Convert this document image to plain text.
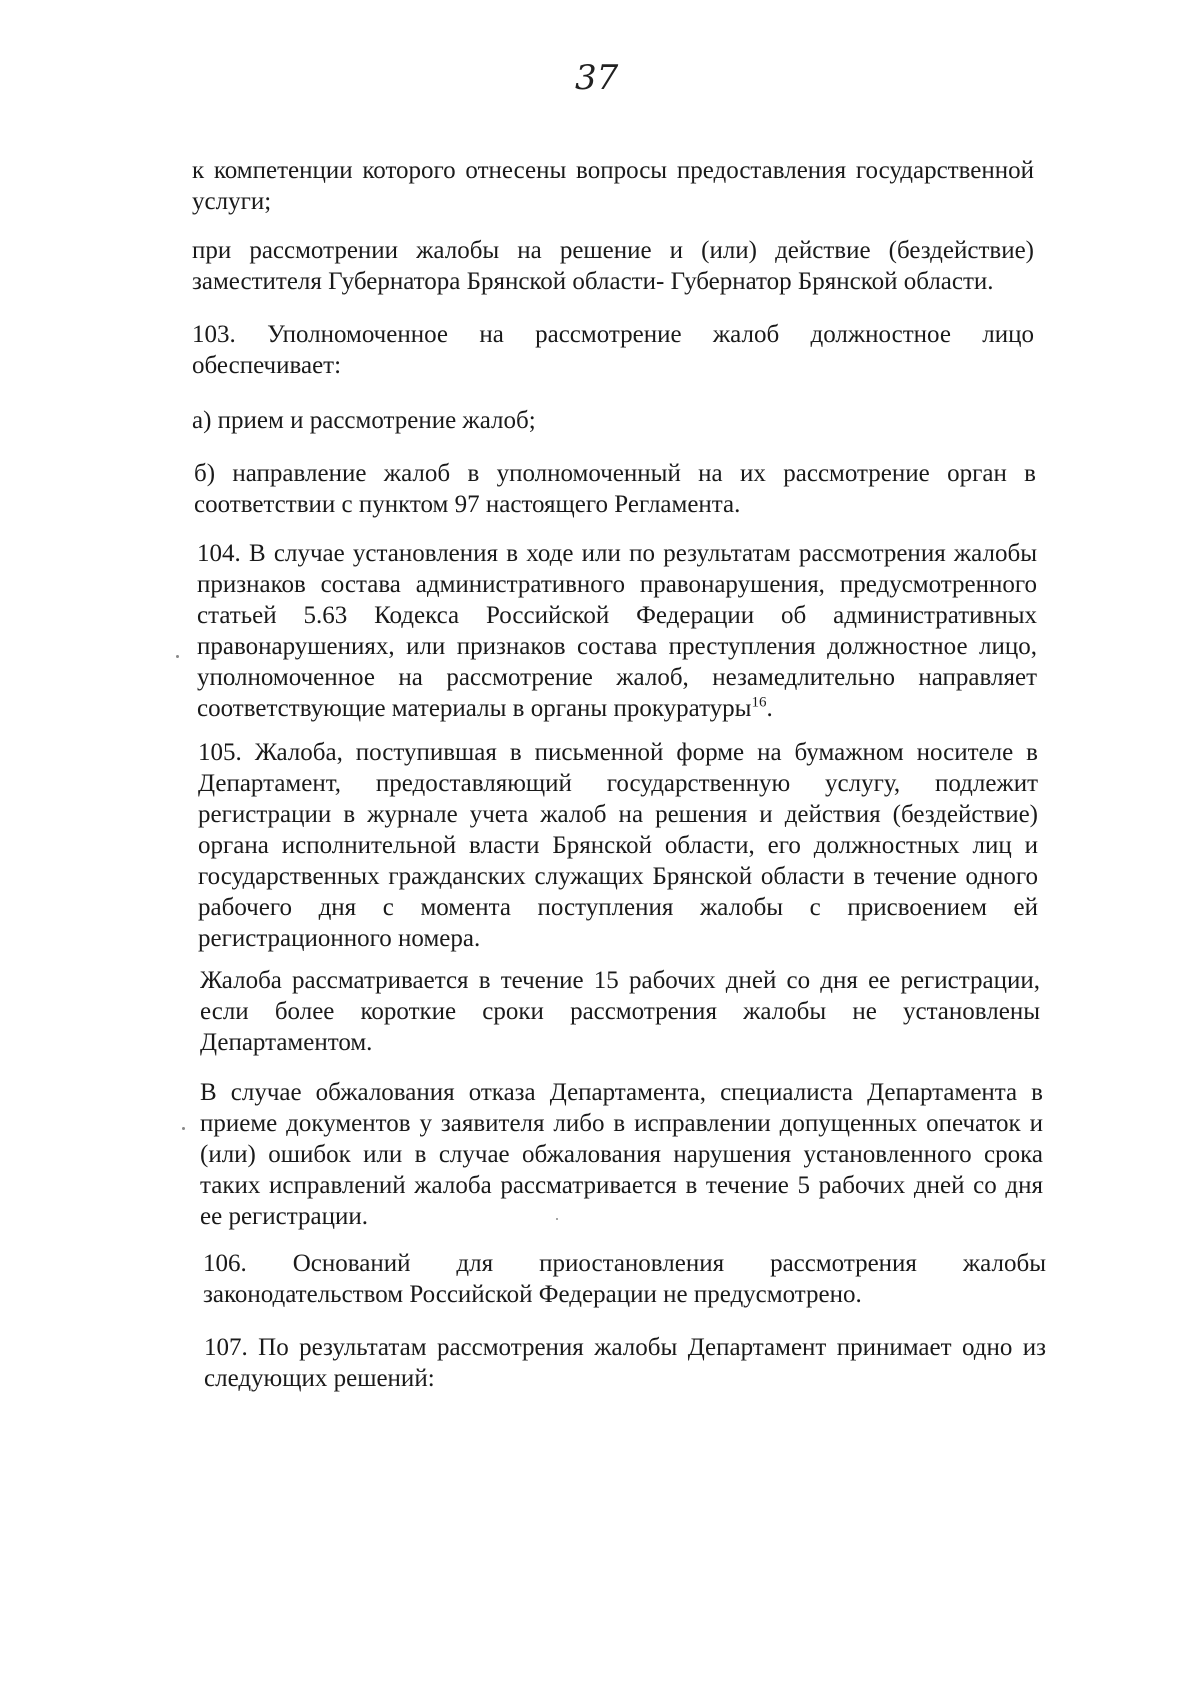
37

к компетенции которого отнесены вопросы предоставления государственной услуги;

при рассмотрении жалобы на решение и (или) действие (бездействие) заместителя Губернатора Брянской области- Губернатор Брянской области.

103. Уполномоченное на рассмотрение жалоб должностное лицо обеспечивает:

а) прием и рассмотрение жалоб;

б) направление жалоб в уполномоченный на их рассмотрение орган в соответствии с пунктом 97 настоящего Регламента.

104. В случае установления в ходе или по результатам рассмотрения жалобы признаков состава административного правонарушения, предусмотренного статьей 5.63 Кодекса Российской Федерации об административных правонарушениях, или признаков состава преступления должностное лицо, уполномоченное на рассмотрение жалоб, незамедлительно направляет соответствующие материалы в органы прокуратуры$^{16}$.

105. Жалоба, поступившая в письменной форме на бумажном носителе в Департамент, предоставляющий государственную услугу, подлежит регистрации в журнале учета жалоб на решения и действия (бездействие) органа исполнительной власти Брянской области, его должностных лиц и государственных гражданских служащих Брянской области в течение одного рабочего дня с момента поступления жалобы с присвоением ей регистрационного номера.

Жалоба рассматривается в течение 15 рабочих дней со дня ее регистрации, если более короткие сроки рассмотрения жалобы не установлены Департаментом.

В случае обжалования отказа Департамента, специалиста Департамента в приеме документов у заявителя либо в исправлении допущенных опечаток и (или) ошибок или в случае обжалования нарушения установленного срока таких исправлений жалоба рассматривается в течение 5 рабочих дней со дня ее регистрации.

106. Оснований для приостановления рассмотрения жалобы законодательством Российской Федерации не предусмотрено.

107. По результатам рассмотрения жалобы Департамент принимает одно из следующих решений:
